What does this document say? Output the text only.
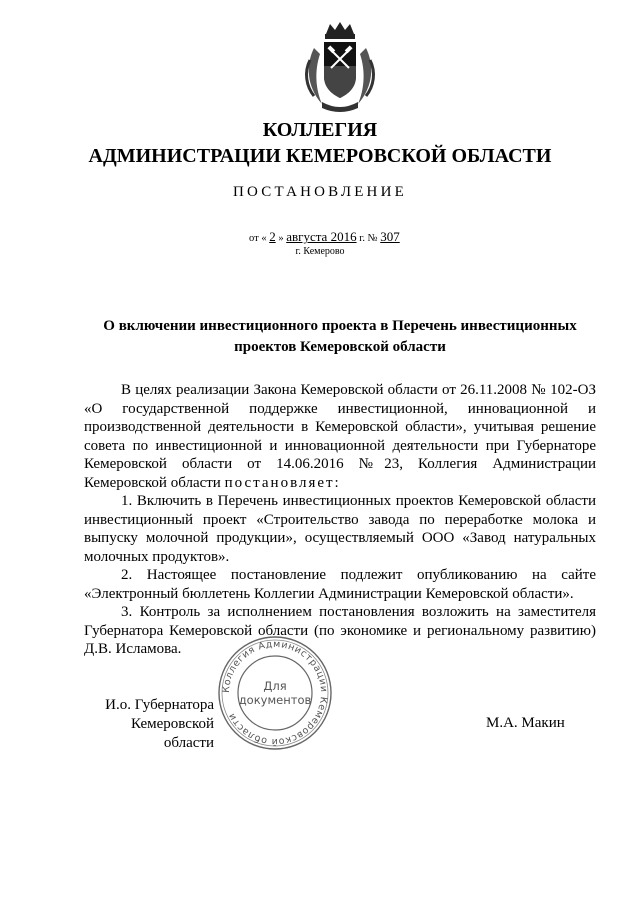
КОЛЛЕГИЯ
АДМИНИСТРАЦИИ КЕМЕРОВСКОЙ ОБЛАСТИ
ПОСТАНОВЛЕНИЕ
от « 2 » августа 2016 г. № 307
г. Кемерово
О включении инвестиционного проекта в Перечень инвестиционных проектов Кемеровской области

В целях реализации Закона Кемеровской области от 26.11.2008 № 102-ОЗ «О государственной поддержке инвестиционной, инновационной и производственной деятельности в Кемеровской области», учитывая решение совета по инвестиционной и инновационной деятельности при Губернаторе Кемеровской области от 14.06.2016 №23, Коллегия Администрации Кемеровской области постановляет:

1. Включить в Перечень инвестиционных проектов Кемеровской области инвестиционный проект «Строительство завода по переработке молока и выпуску молочной продукции», осуществляемый ООО «Завод натуральных молочных продуктов».

2. Настоящее постановление подлежит опубликованию на сайте «Электронный бюллетень Коллегии Администрации Кемеровской области».

3. Контроль за исполнением постановления возложить на заместителя Губернатора Кемеровской области (по экономике и региональному развитию) Д.В. Исламова.

И.о. Губернатора
Кемеровской области
М.А. Макин
Коллегия Администрации Кемеровской области
Для
документов
